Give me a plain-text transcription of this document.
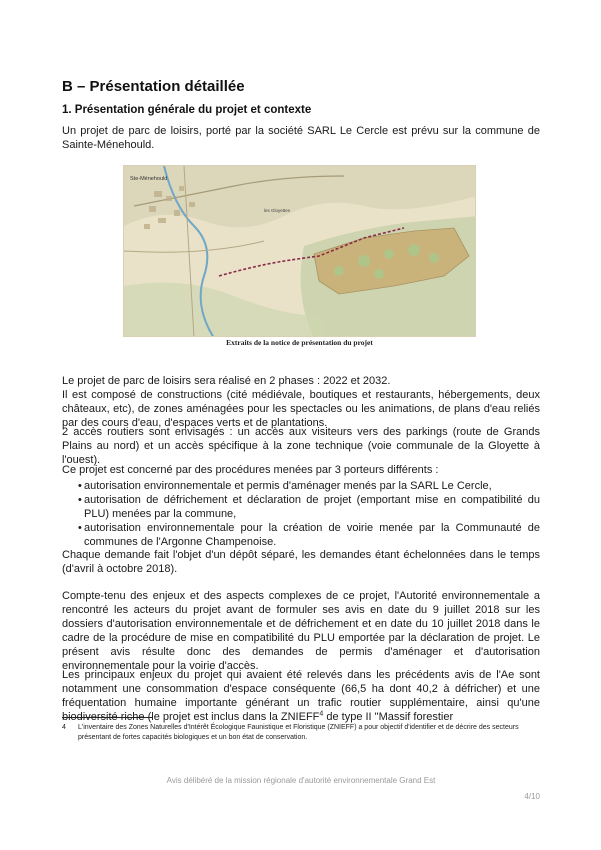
B – Présentation détaillée
1. Présentation générale du projet et contexte

Un projet de parc de loisirs, porté par la société SARL Le Cercle est prévu sur la commune de Sainte-Ménehould.

Ste-Ménehould
les Gloyettes
Extraits de la notice de présentation du projet

Le projet de parc de loisirs sera réalisé en 2 phases : 2022 et 2032.

Il est composé de constructions (cité médiévale, boutiques et restaurants, hébergements, deux châteaux, etc), de zones aménagées pour les spectacles ou les animations, de plans d'eau reliés par des cours d'eau, d'espaces verts et de plantations.

2 accès routiers sont envisagés : un accès aux visiteurs vers des parkings (route de Grands Plains au nord) et un accès spécifique à la zone technique (voie communale de la Gloyette à l'ouest).

Ce projet est concerné par des procédures menées par 3 porteurs différents :

• autorisation environnementale et permis d'aménager menés par la SARL Le Cercle,
• autorisation de défrichement et déclaration de projet (emportant mise en compatibilité du PLU) menées par la commune,
• autorisation environnementale pour la création de voirie menée par la Communauté de communes de l'Argonne Champenoise.

Chaque demande fait l'objet d'un dépôt séparé, les demandes étant échelonnées dans le temps (d'avril à octobre 2018).

Compte-tenu des enjeux et des aspects complexes de ce projet, l'Autorité environnementale a rencontré les acteurs du projet avant de formuler ses avis en date du 9 juillet 2018 sur les dossiers d'autorisation environnementale et de défrichement et en date du 10 juillet 2018 dans le cadre de la procédure de mise en compatibilité du PLU emportée par la déclaration de projet. Le présent avis résulte donc des demandes de permis d'aménager et d'autorisation environnementale pour la voirie d'accès.

Les principaux enjeux du projet qui avaient été relevés dans les précédents avis de l'Ae sont notamment une consommation d'espace conséquente (66,5 ha dont 40,2 à défricher) et une fréquentation humaine importante générant un trafic routier supplémentaire, ainsi qu'une biodiversité riche (le projet est inclus dans la ZNIEFF$^4$ de type II "Massif forestier

4	L'inventaire des Zones Naturelles d'Intérêt Écologique Faunistique et Floristique (ZNIEFF) a pour objectif d'identifier et de décrire des secteurs présentant de fortes capacités biologiques et un bon état de conservation.
Avis délibéré de la mission régionale d'autorité environnementale Grand Est
4/10
